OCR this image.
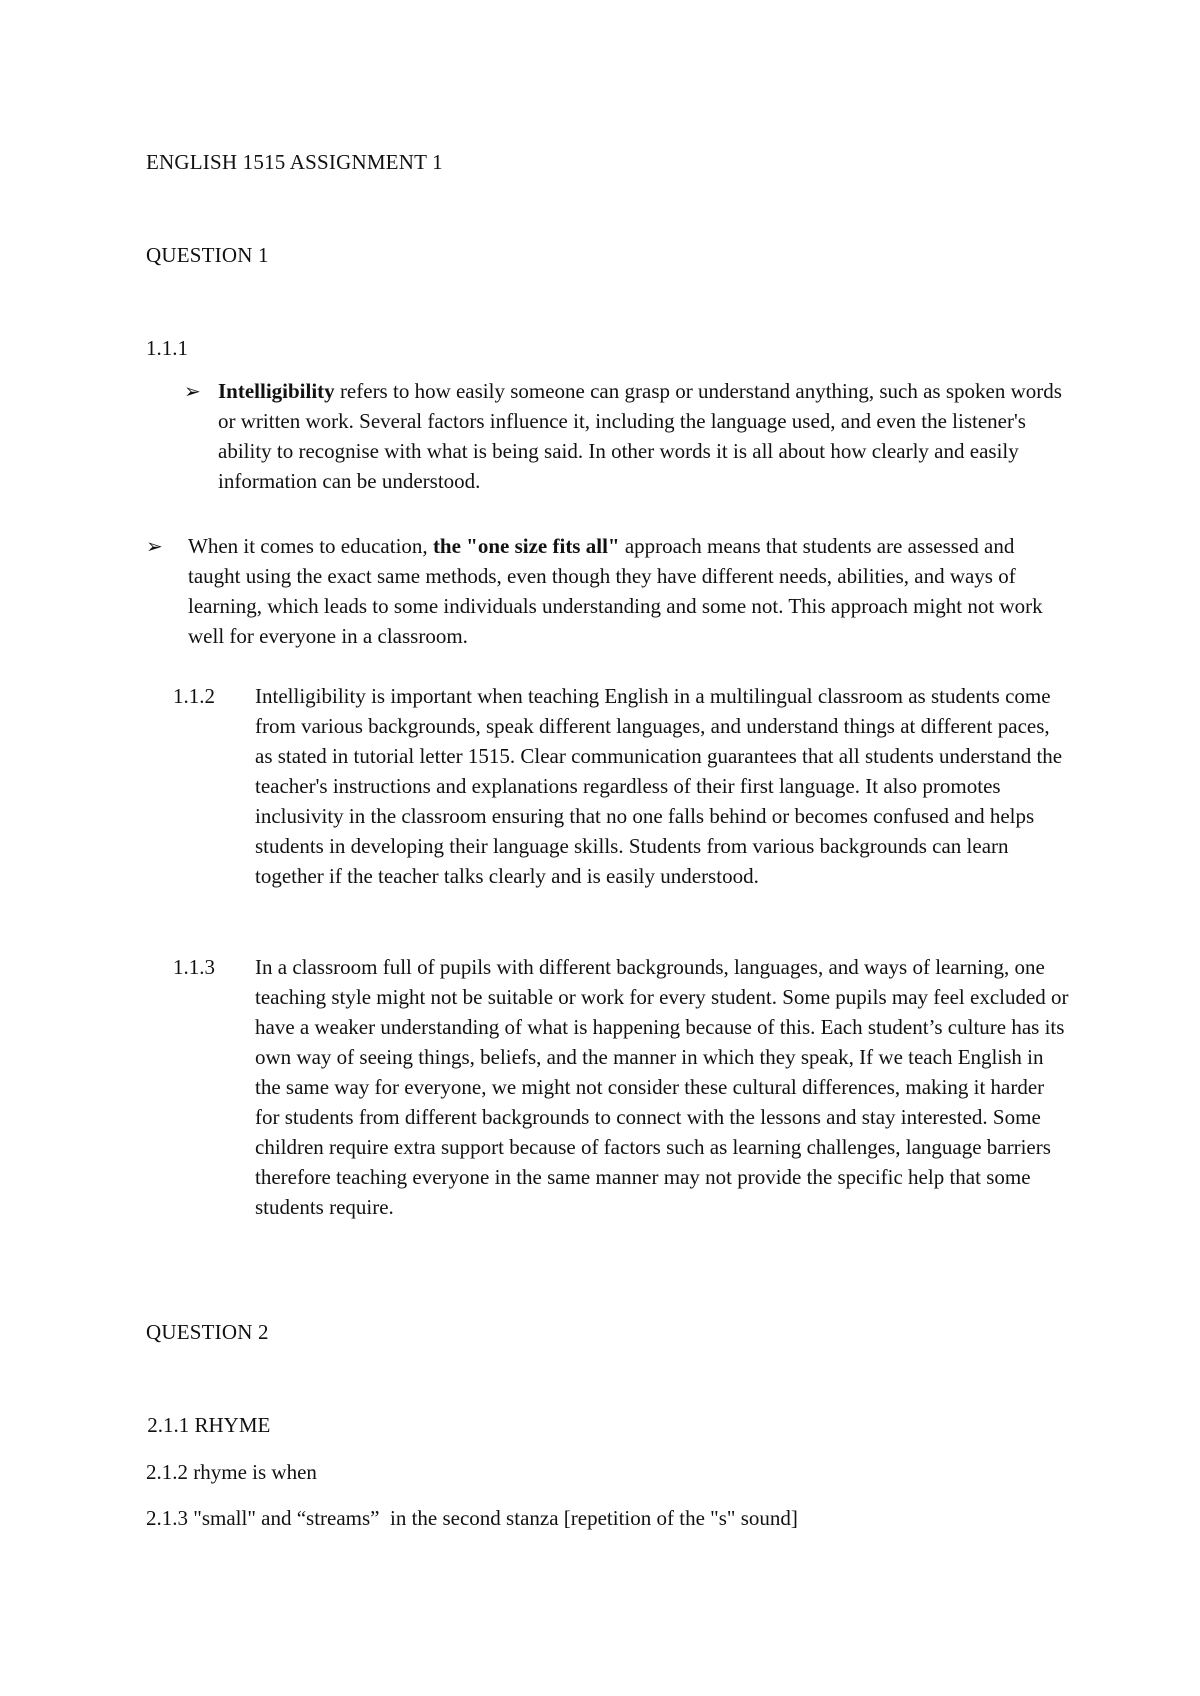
ENGLISH 1515 ASSIGNMENT 1
QUESTION 1
1.1.1
➢ Intelligibility refers to how easily someone can grasp or understand anything, such as spoken words or written work. Several factors influence it, including the language used, and even the listener's ability to recognise with what is being said. In other words it is all about how clearly and easily information can be understood.
➢ When it comes to education, the "one size fits all" approach means that students are assessed and taught using the exact same methods, even though they have different needs, abilities, and ways of learning, which leads to some individuals understanding and some not. This approach might not work well for everyone in a classroom.
1.1.2 Intelligibility is important when teaching English in a multilingual classroom as students come from various backgrounds, speak different languages, and understand things at different paces, as stated in tutorial letter 1515. Clear communication guarantees that all students understand the teacher's instructions and explanations regardless of their first language. It also promotes inclusivity in the classroom ensuring that no one falls behind or becomes confused and helps students in developing their language skills. Students from various backgrounds can learn together if the teacher talks clearly and is easily understood.
1.1.3 In a classroom full of pupils with different backgrounds, languages, and ways of learning, one teaching style might not be suitable or work for every student. Some pupils may feel excluded or have a weaker understanding of what is happening because of this. Each student’s culture has its own way of seeing things, beliefs, and the manner in which they speak, If we teach English in the same way for everyone, we might not consider these cultural differences, making it harder for students from different backgrounds to connect with the lessons and stay interested. Some children require extra support because of factors such as learning challenges, language barriers therefore teaching everyone in the same manner may not provide the specific help that some students require.
QUESTION 2
2.1.1 RHYME
2.1.2 rhyme is when
2.1.3 "small" and “streams”  in the second stanza [repetition of the "s" sound]
